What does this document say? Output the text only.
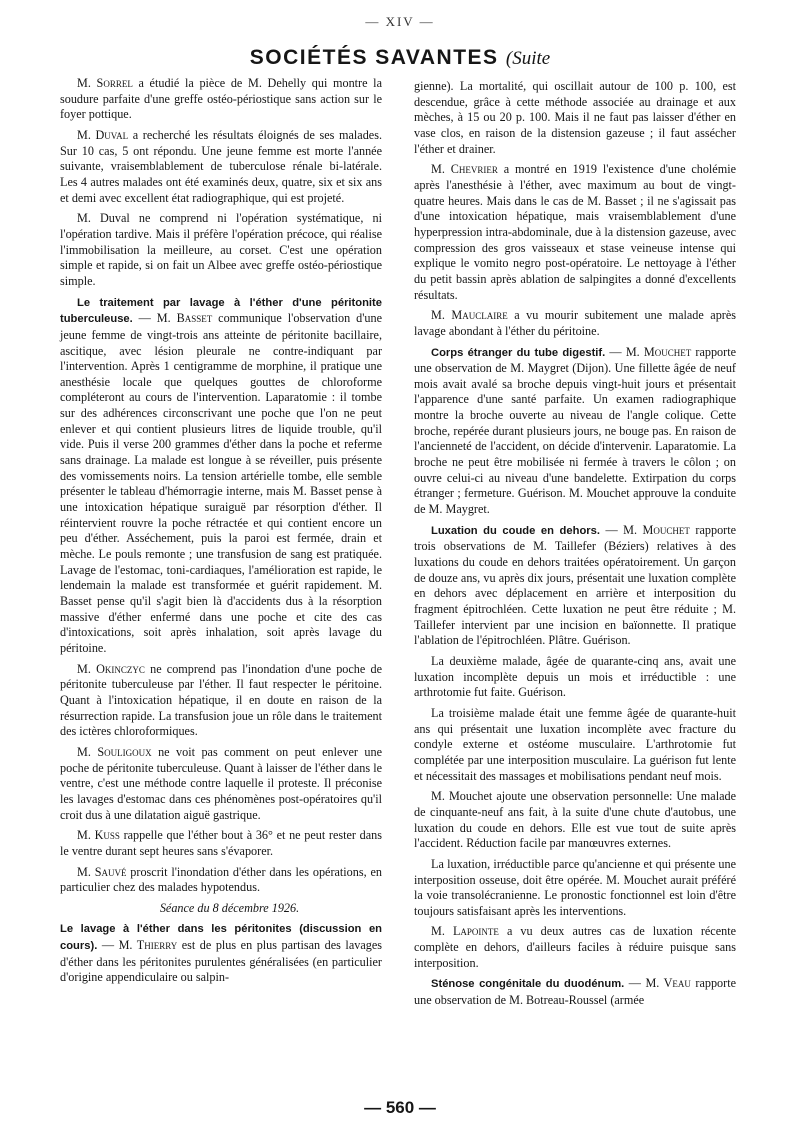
— XIV —
SOCIÉTÉS SAVANTES (Suite

M. Sorrel a étudié la pièce de M. Dehelly qui montre la soudure parfaite d'une greffe ostéo-périostique sans action sur le foyer pottique.

M. Duval a recherché les résultats éloignés de ses malades. Sur 10 cas, 5 ont répondu. Une jeune femme est morte l'année suivante, vraisemblablement de tuberculose rénale bi-latérale. Les 4 autres malades ont été examinés deux, quatre, six et six ans et demi avec excellent état radiographique, qui est projeté.

M. Duval ne comprend ni l'opération systématique, ni l'opération tardive. Mais il préfère l'opération précoce, qui réalise l'immobilisation la meilleure, au corset. C'est une opération simple et rapide, si on fait un Albee avec greffe ostéo-périostique simple.

Le traitement par lavage à l'éther d'une péritonite tuberculeuse. — M. Basset communique l'observation d'une jeune femme de vingt-trois ans atteinte de péritonite bacillaire, ascitique, avec lésion pleurale ne contre-indiquant par l'intervention. Après 1 centigramme de morphine, il pratique une anesthésie locale que quelques gouttes de chloroforme compléteront au cours de l'intervention. Laparatomie : il tombe sur des adhérences circonscrivant une poche que l'on ne peut enlever et qui contient plusieurs litres de liquide trouble, qu'il vide. Puis il verse 200 grammes d'éther dans la poche et referme sans drainage. La malade est longue à se réveiller, puis présente des vomissements noirs. La tension artérielle tombe, elle semble présenter le tableau d'hémorragie interne, mais M. Basset pense à une intoxication hépatique suraiguë par résorption d'éther. Il réintervient rouvre la poche rétractée et qui contient encore un peu d'éther. Asséchement, puis la paroi est fermée, drain et mèche. Le pouls remonte ; une transfusion de sang est pratiquée. Lavage de l'estomac, toni-cardiaques, l'amélioration est rapide, le lendemain la malade est transformée et guérit rapidement. M. Basset pense qu'il s'agit bien là d'accidents dus à la résorption massive d'éther enfermé dans une poche et cite des cas d'intoxications, soit après inhalation, soit après lavage du péritoine.

M. Okinczyc ne comprend pas l'inondation d'une poche de péritonite tuberculeuse par l'éther. Il faut respecter le péritoine. Quant à l'intoxication hépatique, il en doute en raison de la résurrection rapide. La transfusion joue un rôle dans le traitement des ictères chloroformiques.

M. Souligoux ne voit pas comment on peut enlever une poche de péritonite tuberculeuse. Quant à laisser de l'éther dans le ventre, c'est une méthode contre laquelle il proteste. Il préconise les lavages d'estomac dans ces phénomènes post-opératoires qu'il croit dus à une dilatation aiguë gastrique.

M. Kuss rappelle que l'éther bout à 36° et ne peut rester dans le ventre durant sept heures sans s'évaporer.

M. Sauvé proscrit l'inondation d'éther dans les opérations, en particulier chez des malades hypotendus.

Séance du 8 décembre 1926.

Le lavage à l'éther dans les péritonites (discussion en cours). — M. Thierry est de plus en plus partisan des lavages d'éther dans les péritonites purulentes généralisées (en particulier d'origine appendiculaire ou salpin-

gienne). La mortalité, qui oscillait autour de 100 p. 100, est descendue, grâce à cette méthode associée au drainage et aux mèches, à 15 ou 20 p. 100. Mais il ne faut pas laisser d'éther en vase clos, en raison de la distension gazeuse ; il faut assécher l'éther et drainer.

M. Chevrier a montré en 1919 l'existence d'une cholémie après l'anesthésie à l'éther, avec maximum au bout de vingt-quatre heures. Mais dans le cas de M. Basset ; il ne s'agissait pas d'une intoxication hépatique, mais vraisemblablement d'une hyperpression intra-abdominale, due à la distension gazeuse, avec compression des gros vaisseaux et stase veineuse intense qui explique le vomito negro post-opératoire. Le nettoyage à l'éther du petit bassin après ablation de salpingites a donné d'excellents résultats.

M. Mauclaire a vu mourir subitement une malade après lavage abondant à l'éther du péritoine.

Corps étranger du tube digestif. — M. Mouchet rapporte une observation de M. Maygret (Dijon). Une fillette âgée de neuf mois avait avalé sa broche depuis vingt-huit jours et présentait l'apparence d'une santé parfaite. Un examen radiographique montre la broche ouverte au niveau de l'angle colique. Cette broche, repérée durant plusieurs jours, ne bouge pas. En raison de l'ancienneté de l'accident, on décide d'intervenir. Laparatomie. La broche ne peut être mobilisée ni fermée à travers le côlon ; on ouvre celui-ci au niveau d'une bandelette. Extirpation du corps étranger ; fermeture. Guérison. M. Mouchet approuve la conduite de M. Maygret.

Luxation du coude en dehors. — M. Mouchet rapporte trois observations de M. Taillefer (Béziers) relatives à des luxations du coude en dehors traitées opératoirement. Un garçon de douze ans, vu après dix jours, présentait une luxation complète en dehors avec déplacement en arrière et interposition du fragment épitrochléen. Cette luxation ne peut être réduite ; M. Taillefer intervient par une incision en baïonnette. Il pratique l'ablation de l'épitrochléen. Plâtre. Guérison.

La deuxième malade, âgée de quarante-cinq ans, avait une luxation incomplète depuis un mois et irréductible : une arthrotomie fut faite. Guérison.

La troisième malade était une femme âgée de quarante-huit ans qui présentait une luxation incomplète avec fracture du condyle externe et ostéome musculaire. L'arthrotomie fut complétée par une interposition musculaire. La guérison fut lente et nécessitait des massages et mobilisations pendant neuf mois.

M. Mouchet ajoute une observation personnelle: Une malade de cinquante-neuf ans fait, à la suite d'une chute d'autobus, une luxation du coude en dehors. Elle est vue tout de suite après l'accident. Réduction facile par manœuvres externes.

La luxation, irréductible parce qu'ancienne et qui présente une interposition osseuse, doit être opérée. M. Mouchet aurait préféré la voie transolécranienne. Le pronostic fonctionnel est loin d'être toujours satisfaisant après les interventions.

M. Lapointe a vu deux autres cas de luxation récente complète en dehors, d'ailleurs faciles à réduire puisque sans interposition.

Sténose congénitale du duodénum. — M. Veau rapporte une observation de M. Botreau-Roussel (armée

— 560 —
